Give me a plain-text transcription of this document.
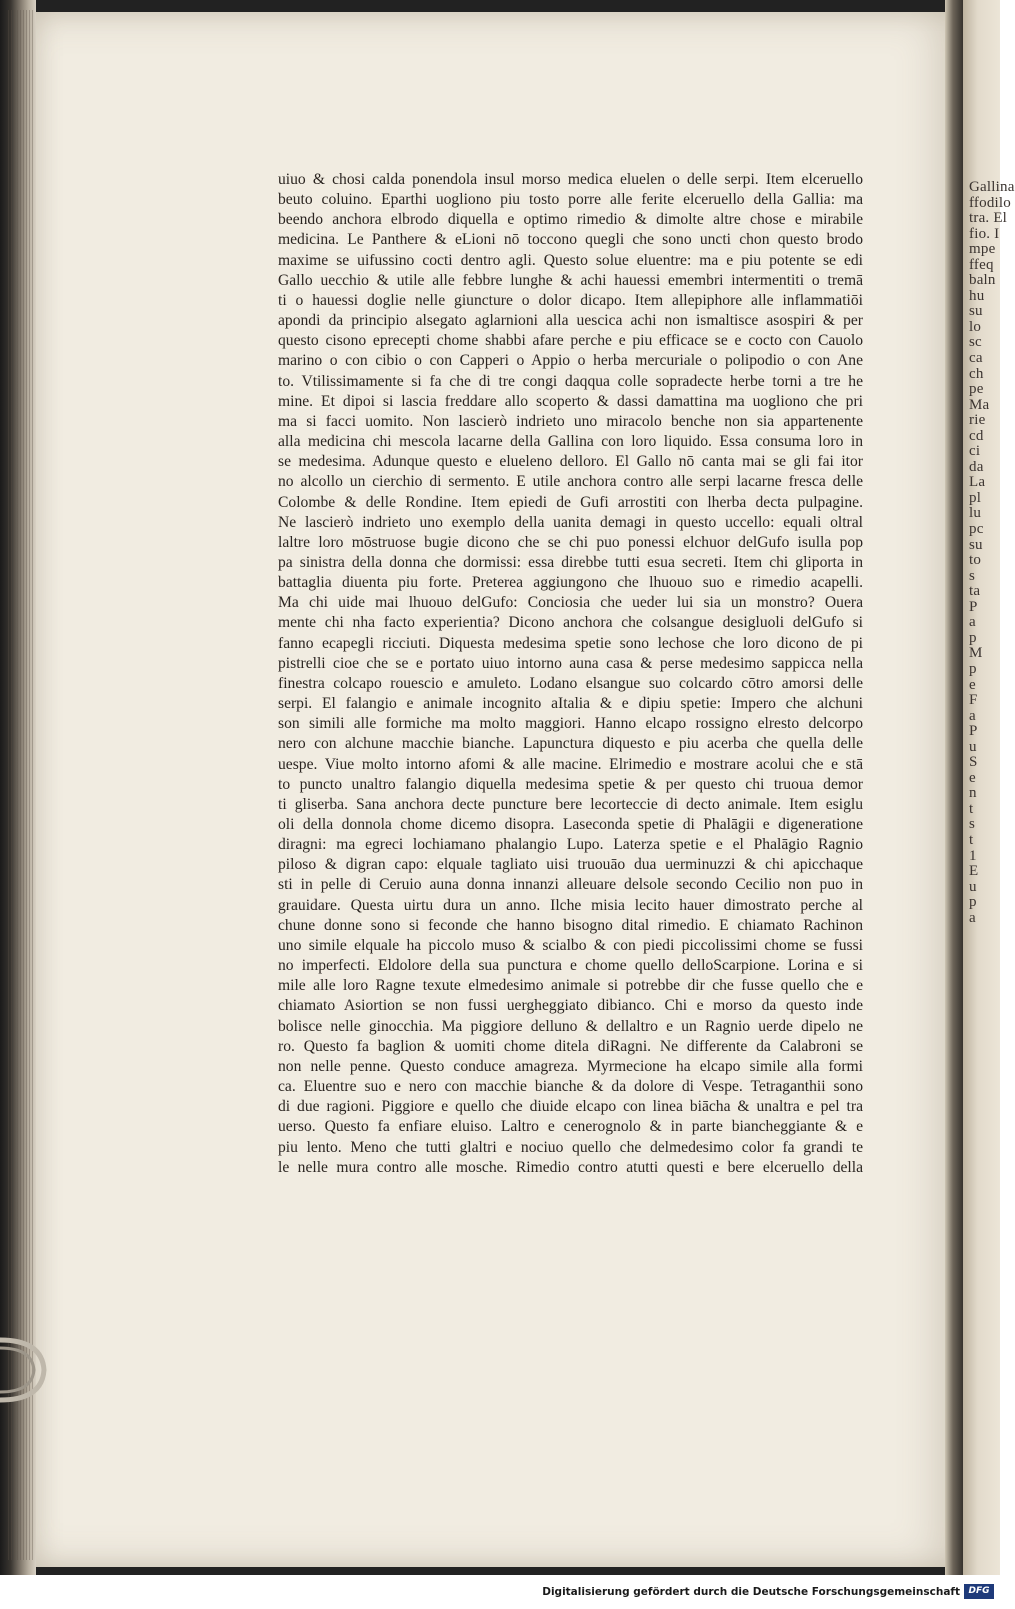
Gallina
ffodilo
tra. El
fio. I
mpe
ffeq
baln
hu
su
lo
sc
ca
ch
pe
Ma
rie
cd
ci
da
La
pl
lu
pc
su
to
s
ta
P
a
p
M
p
e
F
a
P
u
S
e
n
t
s
t
1
E
u
p
a
uiuo & chosi calda ponendola insul morso medica eluelen o delle serpi. Item elceruello
beuto coluino. Eparthi uogliono piu tosto porre alle ferite elceruello della Gallia: ma
beendo anchora elbrodo diquella e optimo rimedio & dimolte altre chose e mirabile
medicina. Le Panthere & eLioni nō toccono quegli che sono uncti chon questo brodo
maxime se uifussino cocti dentro agli. Questo solue eluentre: ma e piu potente se edi
Gallo uecchio & utile alle febbre lunghe & achi hauessi emembri intermentiti o tremā
ti o hauessi doglie nelle giuncture o dolor dicapo. Item allepiphore alle inflammatiōi
apondi da principio alsegato aglarnioni alla uescica achi non ismaltisce asospiri & per
questo cisono eprecepti chome shabbi afare perche e piu efficace se e cocto con Cauolo
marino o con cibio o con Capperi o Appio o herba mercuriale o polipodio o con Ane
to. Vtilissimamente si fa che di tre congi daqqua colle sopradecte herbe torni a tre he
mine. Et dipoi si lascia freddare allo scoperto & dassi damattina ma uogliono che pri
ma si facci uomito. Non lascierò indrieto uno miracolo benche non sia appartenente
alla medicina chi mescola lacarne della Gallina con loro liquido. Essa consuma loro in
se medesima. Adunque questo e elueleno delloro. El Gallo nō canta mai se gli fai itor
no alcollo un cierchio di sermento. E utile anchora contro alle serpi lacarne fresca delle
Colombe & delle Rondine. Item epiedi de Gufi arrostiti con lherba decta pulpagine.
Ne lascierò indrieto uno exemplo della uanita demagi in questo uccello: equali oltral
laltre loro mōstruose bugie dicono che se chi puo ponessi elchuor delGufo isulla pop
pa sinistra della donna che dormissi: essa direbbe tutti esua secreti. Item chi gliporta in
battaglia diuenta piu forte. Preterea aggiungono che lhuouo suo e rimedio acapelli.
Ma chi uide mai lhuouo delGufo: Conciosia che ueder lui sia un monstro? Ouera
mente chi nha facto experientia? Dicono anchora che colsangue desigluoli delGufo si
fanno ecapegli ricciuti. Diquesta medesima spetie sono lechose che loro dicono de pi
pistrelli cioe che se e portato uiuo intorno auna casa & perse medesimo sappicca nella
finestra colcapo rouescio e amuleto. Lodano elsangue suo colcardo cōtro amorsi delle
serpi. El falangio e animale incognito aItalia & e dipiu spetie: Impero che alchuni
son simili alle formiche ma molto maggiori. Hanno elcapo rossigno elresto delcorpo
nero con alchune macchie bianche. Lapunctura diquesto e piu acerba che quella delle
uespe. Viue molto intorno afomi & alle macine. Elrimedio e mostrare acolui che e stā
to puncto unaltro falangio diquella medesima spetie & per questo chi truoua demor
ti gliserba. Sana anchora decte puncture bere lecorteccie di decto animale. Item esiglu
oli della donnola chome dicemo disopra. Laseconda spetie di Phalāgii e digeneratione
diragni: ma egreci lochiamano phalangio Lupo. Laterza spetie e el Phalāgio Ragnio
piloso & digran capo: elquale tagliato uisi truouāo dua uerminuzzi & chi apicchaque
sti in pelle di Ceruio auna donna innanzi alleuare delsole secondo Cecilio non puo in
grauidare. Questa uirtu dura un anno. Ilche misia lecito hauer dimostrato perche al
chune donne sono si feconde che hanno bisogno dital rimedio. E chiamato Rachinon
uno simile elquale ha piccolo muso & scialbo & con piedi piccolissimi chome se fussi
no imperfecti. Eldolore della sua punctura e chome quello delloScarpione. Lorina e si
mile alle loro Ragne texute elmedesimo animale si potrebbe dir che fusse quello che e
chiamato Asiortion se non fussi uergheggiato dibianco. Chi e morso da questo inde
bolisce nelle ginocchia. Ma piggiore delluno & dellaltro e un Ragnio uerde dipelo ne
ro. Questo fa baglion & uomiti chome ditela diRagni. Ne differente da Calabroni se
non nelle penne. Questo conduce amagreza. Myrmecione ha elcapo simile alla formi
ca. Eluentre suo e nero con macchie bianche & da dolore di Vespe. Tetraganthii sono
di due ragioni. Piggiore e quello che diuide elcapo con linea biācha & unaltra e pel tra
uerso. Questo fa enfiare eluiso. Laltro e cenerognolo & in parte biancheggiante & e
piu lento. Meno che tutti glaltri e nociuo quello che delmedesimo color fa grandi te
le nelle mura contro alle mosche. Rimedio contro atutti questi e bere elceruello della
Digitalisierung gefördert durch die Deutsche Forschungsgemeinschaft DFG
